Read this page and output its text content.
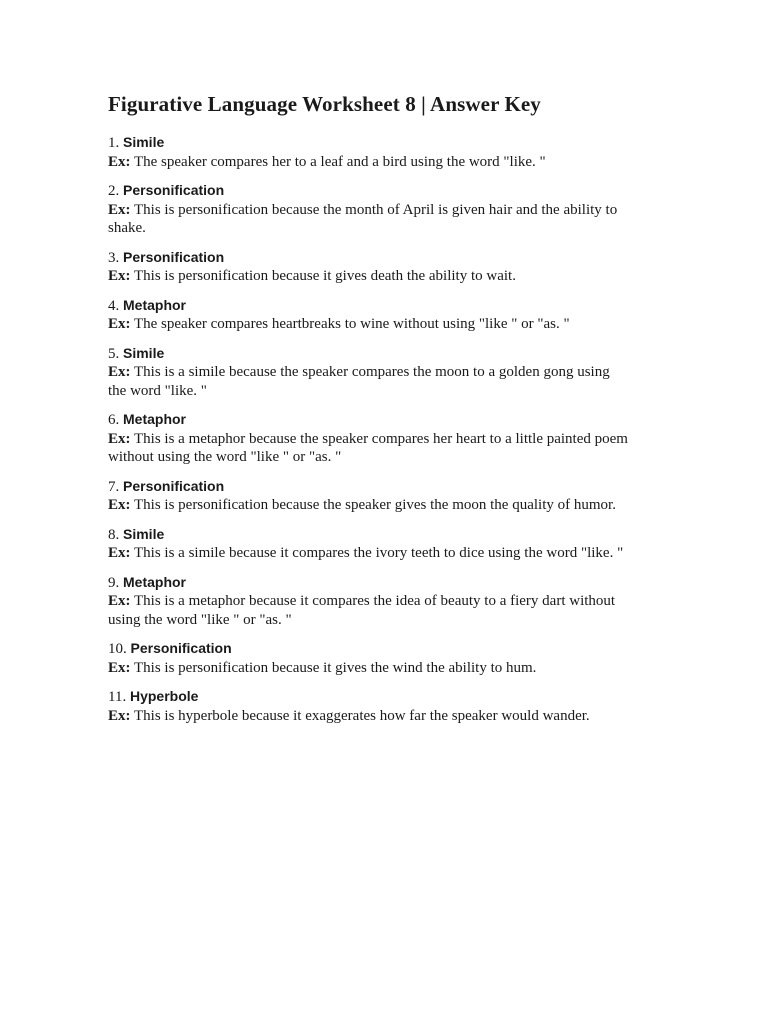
Figurative Language Worksheet 8 | Answer Key
1. Simile
Ex: The speaker compares her to a leaf and a bird using the word "like. "
2. Personification
Ex: This is personification because the month of April is given hair and the ability to shake.
3. Personification
Ex: This is personification because it gives death the ability to wait.
4. Metaphor
Ex: The speaker compares heartbreaks to wine without using "like " or "as. "
5. Simile
Ex: This is a simile because the speaker compares the moon to a golden gong using the word "like. "
6. Metaphor
Ex: This is a metaphor because the speaker compares her heart to a little painted poem without using the word "like " or "as. "
7. Personification
Ex: This is personification because the speaker gives the moon the quality of humor.
8. Simile
Ex: This is a simile because it compares the ivory teeth to dice using the word "like. "
9. Metaphor
Ex: This is a metaphor because it compares the idea of beauty to a fiery dart without using the word "like " or "as. "
10. Personification
Ex: This is personification because it gives the wind the ability to hum.
11. Hyperbole
Ex: This is hyperbole because it exaggerates how far the speaker would wander.
